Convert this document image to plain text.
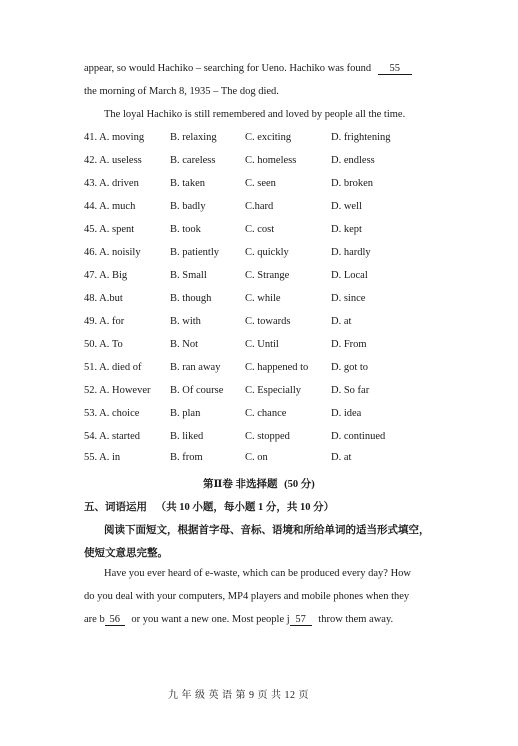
appear, so would Hachiko – searching for Ueno. Hachiko was found 55
the morning of March 8, 1935 – The dog died.
The loyal Hachiko is still remembered and loved by people all the time.
41. A. moving B. relaxing	C. exciting	D. frightening
42. A. useless	B. careless	C. homeless	D. endless
43. A. driven	B. taken	C. seen	D. broken
44. A. much	B. badly	C.hard	D. well
45. A. spent	B. took	C. cost	D. kept
46. A. noisily	B. patiently C. quickly	D. hardly
47. A. Big	B. Small	C. Strange	D. Local
48. A.but	B. though	C. while	D. since
49. A. for	B. with	C. towards	D. at
50. A. To	B. Not	C. Until	D. From
51. A. died of	B. ran away C. happened to D. got to
52. A. However B. Of course C. Especially	D. So far
53. A. choice	B. plan	C. chance	D. idea
54. A. started	B. liked	C. stopped	D. continued
55. A. in	B. from	C. on	D. at
第Ⅱ卷 非选择题 (50 分)
五、词语运用 （共 10 小题，每小题 1 分，共 10 分）
阅读下面短文，根据首字母、音标、语境和所给单词的适当形式填空，
使短文意思完整。
Have you ever heard of e-waste, which can be produced every day? How
do you deal with your computers, MP4 players and mobile phones when they
are b 56 or you want a new one. Most people j 57 throw them away.
九 年 级 英 语 第 9 页 共 12 页
